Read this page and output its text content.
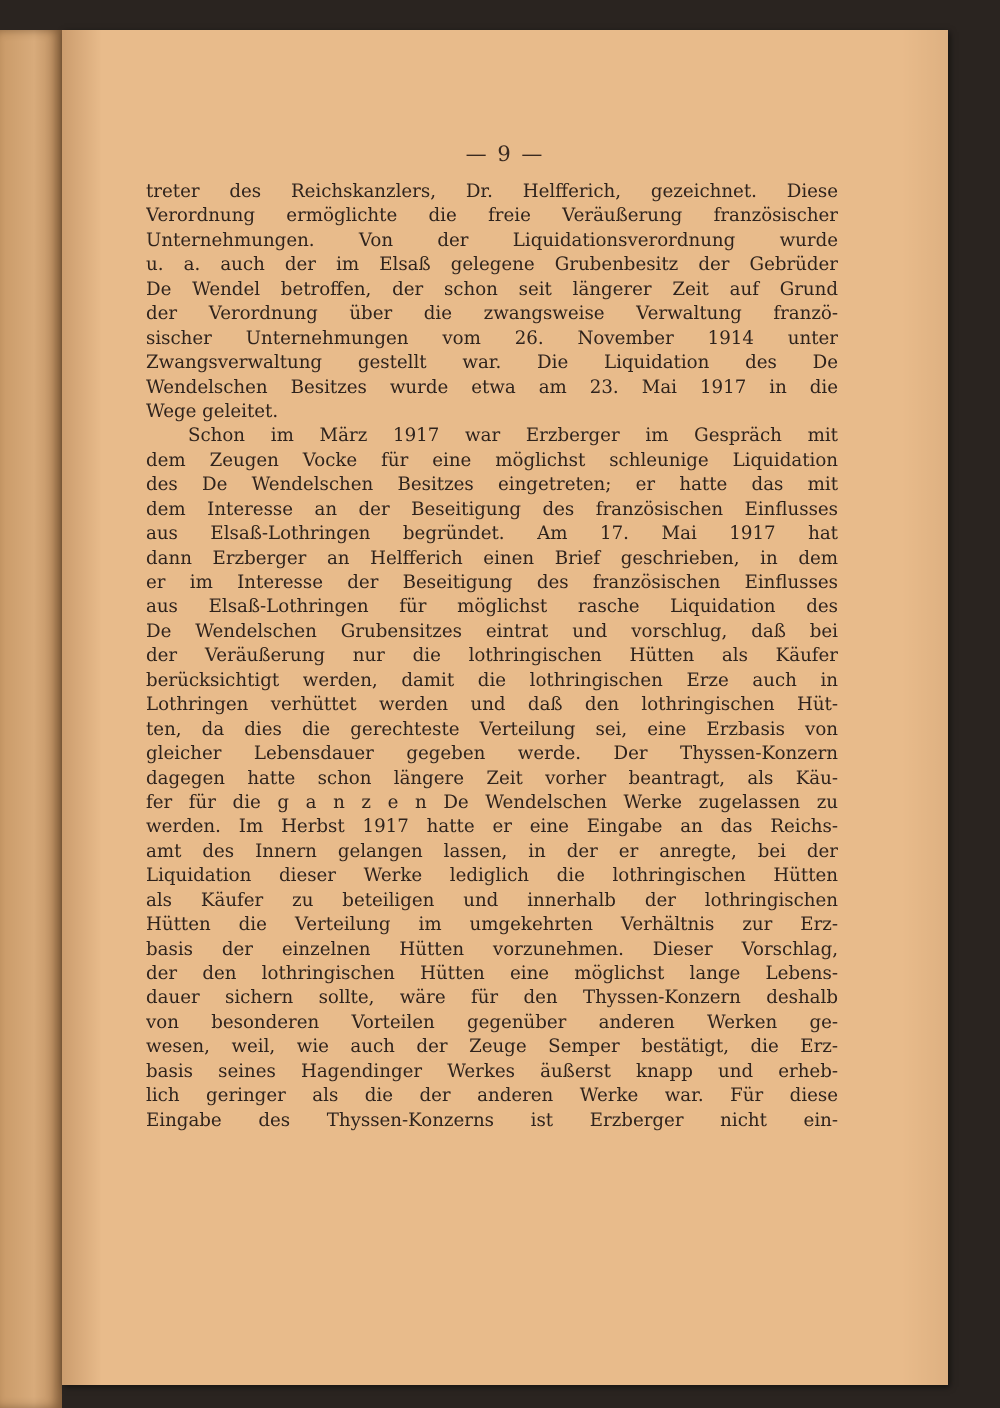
— 9 —
treter des Reichskanzlers, Dr. Helfferich, gezeichnet. Diese
Verordnung ermöglichte die freie Veräußerung französischer
Unternehmungen. Von der Liquidationsverordnung wurde
u. a. auch der im Elsaß gelegene Grubenbesitz der Gebrüder
De Wendel betroffen, der schon seit längerer Zeit auf Grund
der Verordnung über die zwangsweise Verwaltung franzö-
sischer Unternehmungen vom 26. November 1914 unter
Zwangsverwaltung gestellt war. Die Liquidation des De
Wendelschen Besitzes wurde etwa am 23. Mai 1917 in die
Wege geleitet.
Schon im März 1917 war Erzberger im Gespräch mit
dem Zeugen Vocke für eine möglichst schleunige Liquidation
des De Wendelschen Besitzes eingetreten; er hatte das mit
dem Interesse an der Beseitigung des französischen Einflusses
aus Elsaß-Lothringen begründet. Am 17. Mai 1917 hat
dann Erzberger an Helfferich einen Brief geschrieben, in dem
er im Interesse der Beseitigung des französischen Einflusses
aus Elsaß-Lothringen für möglichst rasche Liquidation des
De Wendelschen Grubensitzes eintrat und vorschlug, daß bei
der Veräußerung nur die lothringischen Hütten als Käufer
berücksichtigt werden, damit die lothringischen Erze auch in
Lothringen verhüttet werden und daß den lothringischen Hüt-
ten, da dies die gerechteste Verteilung sei, eine Erzbasis von
gleicher Lebensdauer gegeben werde. Der Thyssen-Konzern
dagegen hatte schon längere Zeit vorher beantragt, als Käu-
fer für die g a n z e n De Wendelschen Werke zugelassen zu
werden. Im Herbst 1917 hatte er eine Eingabe an das Reichs-
amt des Innern gelangen lassen, in der er anregte, bei der
Liquidation dieser Werke lediglich die lothringischen Hütten
als Käufer zu beteiligen und innerhalb der lothringischen
Hütten die Verteilung im umgekehrten Verhältnis zur Erz-
basis der einzelnen Hütten vorzunehmen. Dieser Vorschlag,
der den lothringischen Hütten eine möglichst lange Lebens-
dauer sichern sollte, wäre für den Thyssen-Konzern deshalb
von besonderen Vorteilen gegenüber anderen Werken ge-
wesen, weil, wie auch der Zeuge Semper bestätigt, die Erz-
basis seines Hagendinger Werkes äußerst knapp und erheb-
lich geringer als die der anderen Werke war. Für diese
Eingabe des Thyssen-Konzerns ist Erzberger nicht ein-
